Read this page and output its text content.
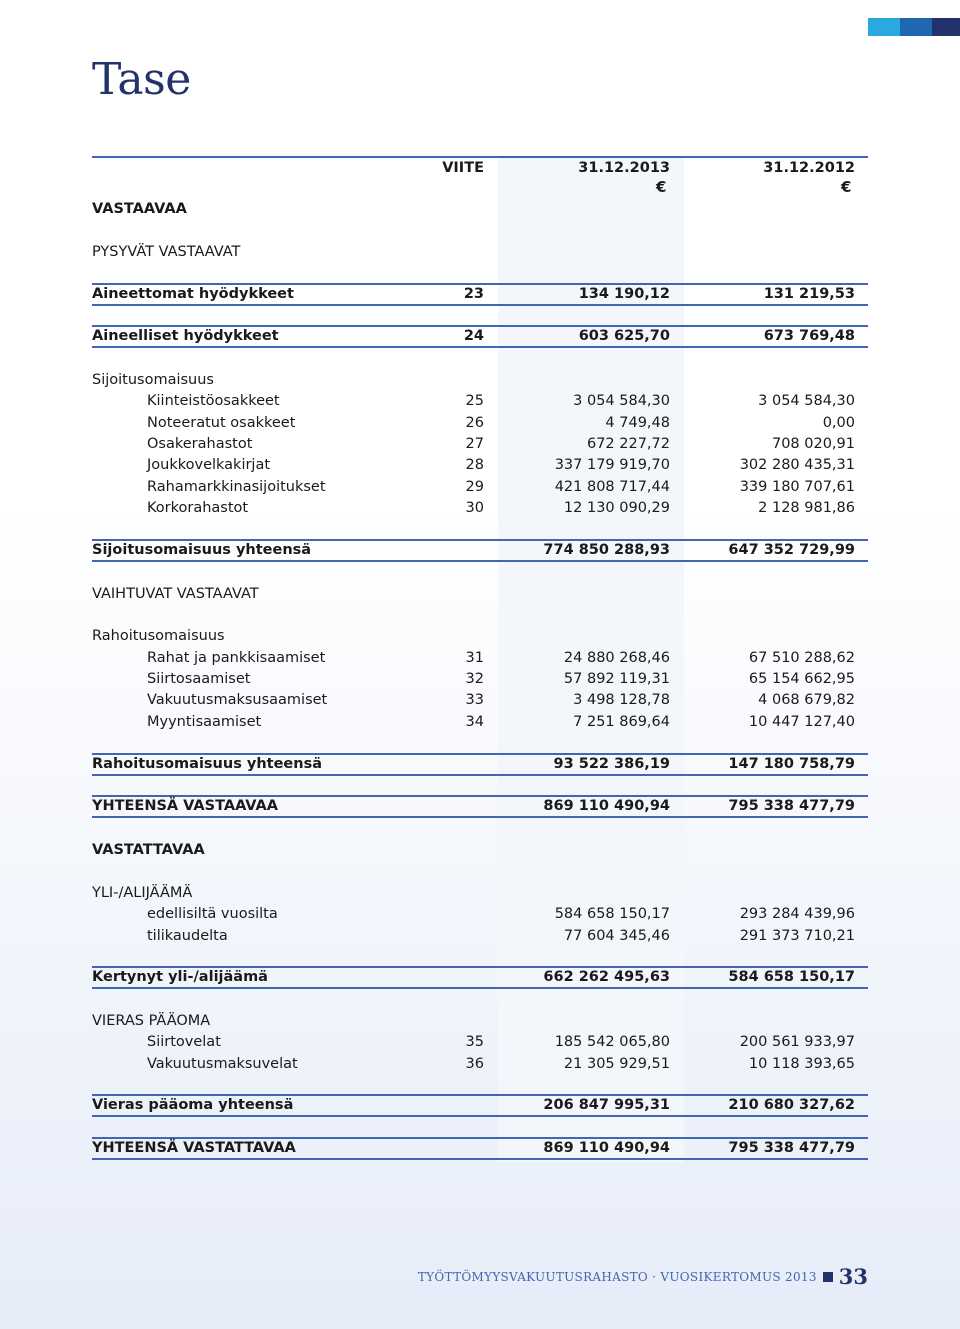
Tase
VIITE	31.12.2013	31.12.2012
€	€
VASTAAVAA
PYSYVÄT VASTAAVAT
Aineettomat hyödykkeet	23	134 190,12	131 219,53
Aineelliset hyödykkeet	24	603 625,70	673 769,48
Sijoitusomaisuus
Kiinteistöosakkeet	25	3 054 584,30	3 054 584,30
Noteeratut osakkeet	26	4 749,48	0,00
Osakerahastot	27	672 227,72	708 020,91
Joukkovelkakirjat	28	337 179 919,70	302 280 435,31
Rahamarkkinasijoitukset	29	421 808 717,44	339 180 707,61
Korkorahastot	30	12 130 090,29	2 128 981,86
Sijoitusomaisuus yhteensä	774 850 288,93	647 352 729,99
VAIHTUVAT VASTAAVAT
Rahoitusomaisuus
Rahat ja pankkisaamiset	31	24 880 268,46	67 510 288,62
Siirtosaamiset	32	57 892 119,31	65 154 662,95
Vakuutusmaksusaamiset	33	3 498 128,78	4 068 679,82
Myyntisaamiset	34	7 251 869,64	10 447 127,40
Rahoitusomaisuus yhteensä	93 522 386,19	147 180 758,79
YHTEENSÄ VASTAAVAA	869 110 490,94	795 338 477,79
VASTATTAVAA
YLI-/ALIJÄÄMÄ
edellisiltä vuosilta	584 658 150,17	293 284 439,96
tilikaudelta	77 604 345,46	291 373 710,21
Kertynyt yli-/alijäämä	662 262 495,63	584 658 150,17
VIERAS PÄÄOMA
Siirtovelat	35	185 542 065,80	200 561 933,97
Vakuutusmaksuvelat	36	21 305 929,51	10 118 393,65
Vieras pääoma yhteensä	206 847 995,31	210 680 327,62
YHTEENSÄ VASTATTAVAA	869 110 490,94	795 338 477,79
TYÖTTÖMYYSVAKUUTUSRAHASTO · VUOSIKERTOMUS 2013 33
